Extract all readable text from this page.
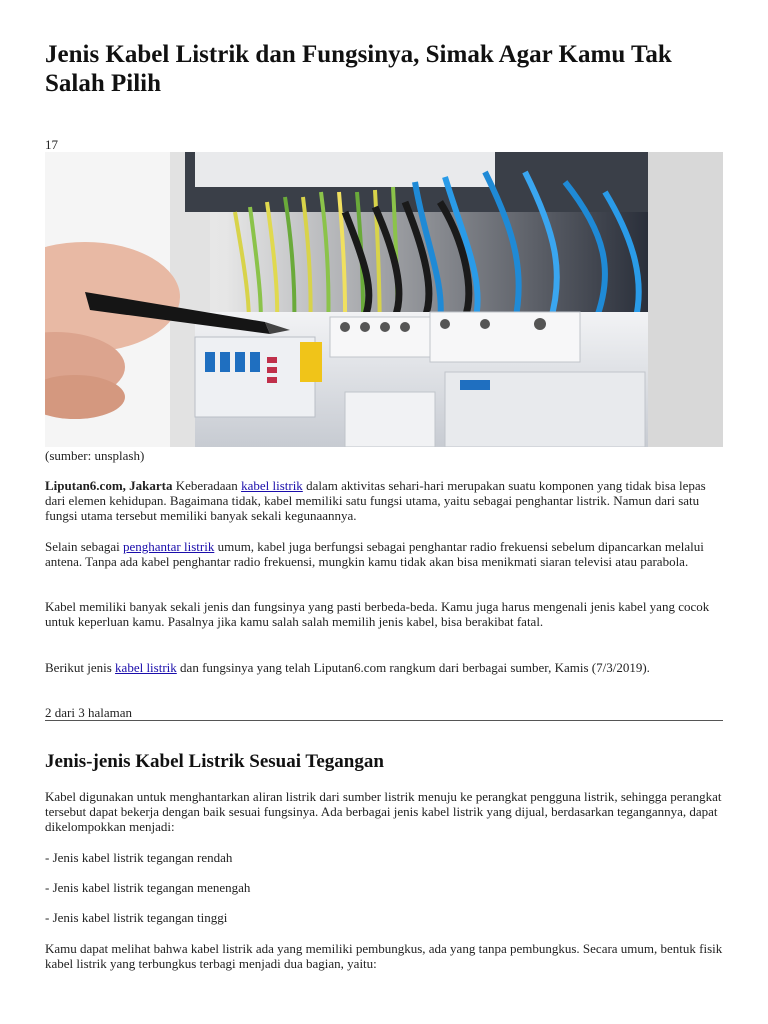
Jenis Kabel Listrik dan Fungsinya, Simak Agar Kamu Tak Salah Pilih
17
(sumber: unsplash)

Liputan6.com, Jakarta Keberadaan kabel listrik dalam aktivitas sehari-hari merupakan suatu komponen yang tidak bisa lepas dari elemen kehidupan. Bagaimana tidak, kabel memiliki satu fungsi utama, yaitu sebagai penghantar listrik. Namun dari satu fungsi utama tersebut memiliki banyak sekali kegunaannya.

Selain sebagai penghantar listrik umum, kabel juga berfungsi sebagai penghantar radio frekuensi sebelum dipancarkan melalui antena. Tanpa ada kabel penghantar radio frekuensi, mungkin kamu tidak akan bisa menikmati siaran televisi atau parabola.

Kabel memiliki banyak sekali jenis dan fungsinya yang pasti berbeda-beda. Kamu juga harus mengenali jenis kabel yang cocok untuk keperluan kamu. Pasalnya jika kamu salah salah memilih jenis kabel, bisa berakibat fatal.

Berikut jenis kabel listrik dan fungsinya yang telah Liputan6.com rangkum dari berbagai sumber, Kamis (7/3/2019).

2 dari 3 halaman
Jenis-jenis Kabel Listrik Sesuai Tegangan

Kabel digunakan untuk menghantarkan aliran listrik dari sumber listrik menuju ke perangkat pengguna listrik, sehingga perangkat tersebut dapat bekerja dengan baik sesuai fungsinya. Ada berbagai jenis kabel listrik yang dijual, berdasarkan tegangannya, dapat dikelompokkan menjadi:

- Jenis kabel listrik tegangan rendah

- Jenis kabel listrik tegangan menengah

- Jenis kabel listrik tegangan tinggi

Kamu dapat melihat bahwa kabel listrik ada yang memiliki pembungkus, ada yang tanpa pembungkus. Secara umum, bentuk fisik kabel listrik yang terbungkus terbagi menjadi dua bagian, yaitu:
